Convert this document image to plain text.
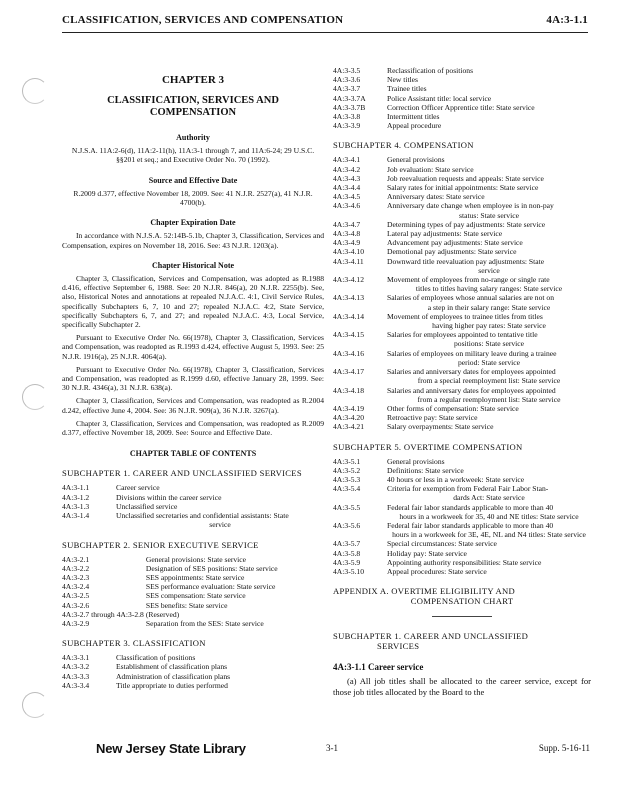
CLASSIFICATION, SERVICES AND COMPENSATION	4A:3-1.1
CHAPTER 3
CLASSIFICATION, SERVICES AND
COMPENSATION
Authority

N.J.S.A. 11A:2-6(d), 11A:2-11(h), 11A:3-1 through 7, and 11A:6-24; 29 U.S.C. §§201 et seq.; and Executive Order No. 70 (1992).

Source and Effective Date

R.2009 d.377, effective November 18, 2009. See: 41 N.J.R. 2527(a), 41 N.J.R. 4700(b).

Chapter Expiration Date

In accordance with N.J.S.A. 52:14B-5.1b, Chapter 3, Classification, Services and Compensation, expires on November 18, 2016. See: 43 N.J.R. 1203(a).

Chapter Historical Note

Chapter 3, Classification, Services and Compensation, was adopted as R.1988 d.416, effective September 6, 1988. See: 20 N.J.R. 846(a), 20 N.J.R. 2255(b). See, also, Historical Notes and annotations at repealed N.J.A.C. 4:1, Civil Service Rules, specifically Subchapters 6, 7, 10 and 27; repealed N.J.A.C. 4:2, State Service, specifically Subchapters 6, 7, and 27; and repealed N.J.A.C. 4:3, Local Service, specifically Subchapter 2.

Pursuant to Executive Order No. 66(1978), Chapter 3, Classification, Services and Compensation, was readopted as R.1993 d.424, effective August 5, 1993. See: 25 N.J.R. 1916(a), 25 N.J.R. 4064(a).

Pursuant to Executive Order No. 66(1978), Chapter 3, Classification, Services and Compensation, was readopted as R.1999 d.60, effective January 28, 1999. See: 30 N.J.R. 4346(a), 31 N.J.R. 638(a).

Chapter 3, Classification, Services and Compensation, was readopted as R.2004 d.242, effective June 4, 2004. See: 36 N.J.R. 909(a), 36 N.J.R. 3267(a).

Chapter 3, Classification, Services and Compensation, was readopted as R.2009 d.377, effective November 18, 2009. See: Source and Effective Date.

CHAPTER TABLE OF CONTENTS
SUBCHAPTER 1. CAREER AND UNCLASSIFIED SERVICES
4A:3-1.1	Career service
4A:3-1.2	Divisions within the career service
4A:3-1.3	Unclassified service
4A:3-1.4	Unclassified secretaries and confidential assistants: State
service
SUBCHAPTER 2. SENIOR EXECUTIVE SERVICE
4A:3-2.1	General provisions: State service
4A:3-2.2	Designation of SES positions: State service
4A:3-2.3	SES appointments: State service
4A:3-2.4	SES performance evaluation: State service
4A:3-2.5	SES compensation: State service
4A:3-2.6	SES benefits: State service
4A:3-2.7 through 4A:3-2.8	(Reserved)
4A:3-2.9	Separation from the SES: State service
SUBCHAPTER 3. CLASSIFICATION
4A:3-3.1	Classification of positions
4A:3-3.2	Establishment of classification plans
4A:3-3.3	Administration of classification plans
4A:3-3.4	Title appropriate to duties performed
4A:3-3.5	Reclassification of positions
4A:3-3.6	New titles
4A:3-3.7	Trainee titles
4A:3-3.7A	Police Assistant title: local service
4A:3-3.7B	Correction Officer Apprentice title: State service
4A:3-3.8	Intermittent titles
4A:3-3.9	Appeal procedure
SUBCHAPTER 4. COMPENSATION
4A:3-4.1	General provisions
4A:3-4.2	Job evaluation: State service
4A:3-4.3	Job reevaluation requests and appeals: State service
4A:3-4.4	Salary rates for initial appointments: State service
4A:3-4.5	Anniversary dates: State service
4A:3-4.6	Anniversary date change when employee is in non-pay
status: State service

4A:3-4.7	Determining types of pay adjustments: State service
4A:3-4.8	Lateral pay adjustments: State service
4A:3-4.9	Advancement pay adjustments: State service
4A:3-4.10	Demotional pay adjustments: State service
4A:3-4.11	Downward title reevaluation pay adjustments: State
service

4A:3-4.12	Movement of employees from no-range or single rate
titles to titles having salary ranges: State service

4A:3-4.13	Salaries of employees whose annual salaries are not on
a step in their salary range: State service

4A:3-4.14	Movement of employees to trainee titles from titles
having higher pay rates: State service

4A:3-4.15	Salaries for employees appointed to tentative title
positions: State service

4A:3-4.16	Salaries of employees on military leave during a trainee
period: State service

4A:3-4.17	Salaries and anniversary dates for employees appointed
from a special reemployment list: State service

4A:3-4.18	Salaries and anniversary dates for employees appointed
from a regular reemployment list: State service

4A:3-4.19	Other forms of compensation: State service
4A:3-4.20	Retroactive pay: State service
4A:3-4.21	Salary overpayments: State service
SUBCHAPTER 5. OVERTIME COMPENSATION
4A:3-5.1	General provisions
4A:3-5.2	Definitions: State service
4A:3-5.3	40 hours or less in a workweek: State service
4A:3-5.4	Criteria for exemption from Federal Fair Labor Stan-
dards Act: State service

4A:3-5.5	Federal fair labor standards applicable to more than 40
hours in a workweek for 35, 40 and NE titles: State service

4A:3-5.6	Federal fair labor standards applicable to more than 40
hours in a workweek for 3E, 4E, NL and N4 titles: State service

4A:3-5.7	Special circumstances: State service
4A:3-5.8	Holiday pay: State service
4A:3-5.9	Appointing authority responsibilities: State service
4A:3-5.10	Appeal procedures: State service
APPENDIX A. OVERTIME ELIGIBILITY AND
COMPENSATION CHART
SUBCHAPTER 1. CAREER AND UNCLASSIFIED
SERVICES
4A:3-1.1 Career service

(a) All job titles shall be allocated to the career service, except for those job titles allocated by the Board to the

New Jersey State Library	3-1	Supp. 5-16-11
